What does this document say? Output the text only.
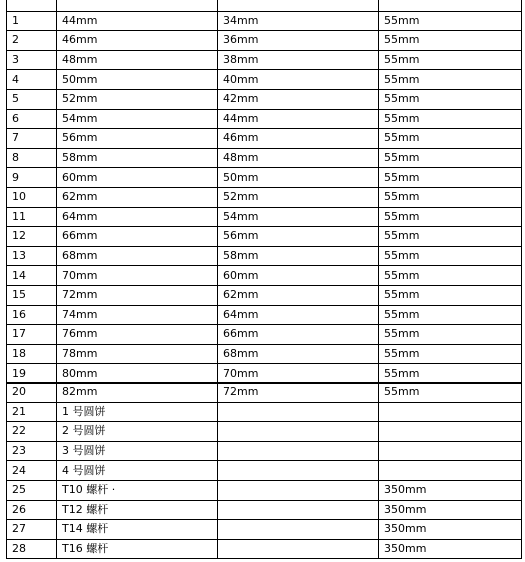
1	44mm	34mm	55mm
2	46mm	36mm	55mm
3	48mm	38mm	55mm
4	50mm	40mm	55mm
5	52mm	42mm	55mm
6	54mm	44mm	55mm
7	56mm	46mm	55mm
8	58mm	48mm	55mm
9	60mm	50mm	55mm
10	62mm	52mm	55mm
11	64mm	54mm	55mm
12	66mm	56mm	55mm
13	68mm	58mm	55mm
14	70mm	60mm	55mm
15	72mm	62mm	55mm
16	74mm	64mm	55mm
17	76mm	66mm	55mm
18	78mm	68mm	55mm
19	80mm	70mm	55mm
20	82mm	72mm	55mm
21	1 号圆饼		
22	2 号圆饼		
23	3 号圆饼		
24	4 号圆饼		
25	T10 螺杆 ·		350mm
26	T12 螺杆		350mm
27	T14 螺杆		350mm
28	T16 螺杆		350mm
